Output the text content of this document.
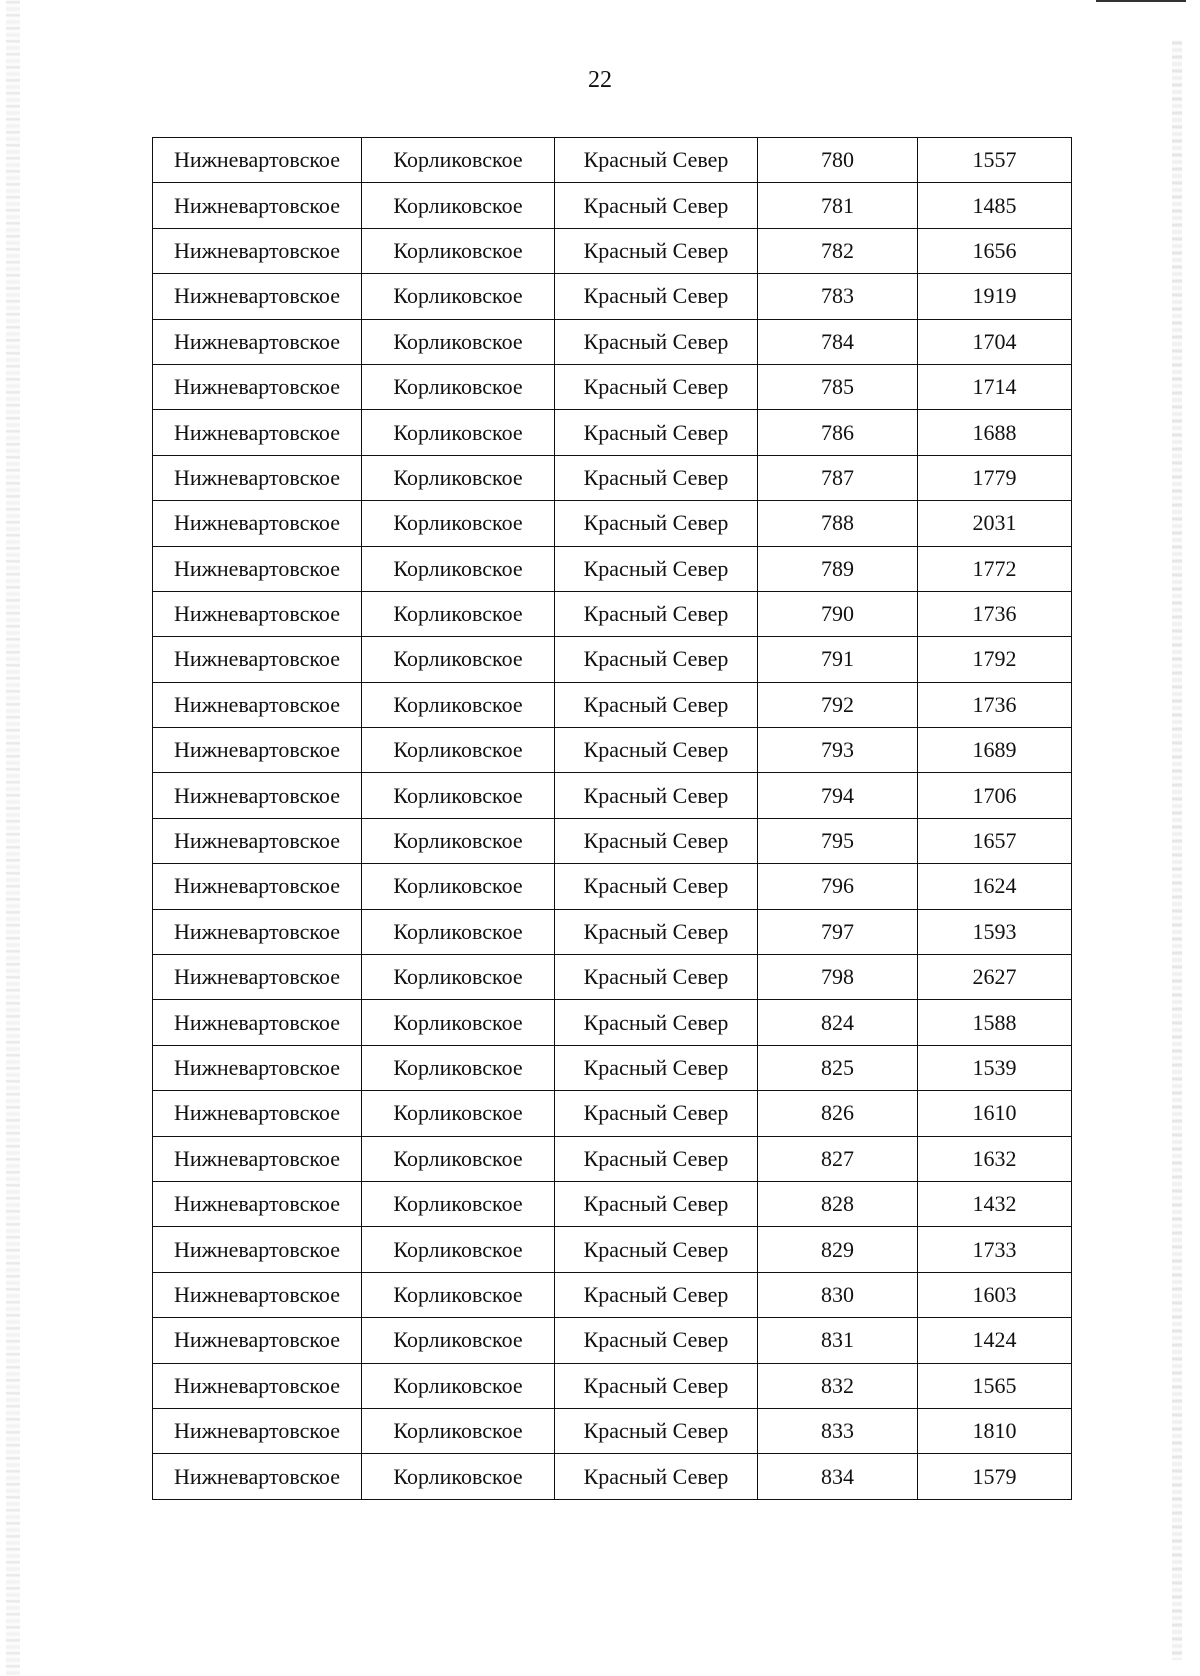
22
Нижневартовское	Корликовское	Красный Север	780	1557
Нижневартовское	Корликовское	Красный Север	781	1485
Нижневартовское	Корликовское	Красный Север	782	1656
Нижневартовское	Корликовское	Красный Север	783	1919
Нижневартовское	Корликовское	Красный Север	784	1704
Нижневартовское	Корликовское	Красный Север	785	1714
Нижневартовское	Корликовское	Красный Север	786	1688
Нижневартовское	Корликовское	Красный Север	787	1779
Нижневартовское	Корликовское	Красный Север	788	2031
Нижневартовское	Корликовское	Красный Север	789	1772
Нижневартовское	Корликовское	Красный Север	790	1736
Нижневартовское	Корликовское	Красный Север	791	1792
Нижневартовское	Корликовское	Красный Север	792	1736
Нижневартовское	Корликовское	Красный Север	793	1689
Нижневартовское	Корликовское	Красный Север	794	1706
Нижневартовское	Корликовское	Красный Север	795	1657
Нижневартовское	Корликовское	Красный Север	796	1624
Нижневартовское	Корликовское	Красный Север	797	1593
Нижневартовское	Корликовское	Красный Север	798	2627
Нижневартовское	Корликовское	Красный Север	824	1588
Нижневартовское	Корликовское	Красный Север	825	1539
Нижневартовское	Корликовское	Красный Север	826	1610
Нижневартовское	Корликовское	Красный Север	827	1632
Нижневартовское	Корликовское	Красный Север	828	1432
Нижневартовское	Корликовское	Красный Север	829	1733
Нижневартовское	Корликовское	Красный Север	830	1603
Нижневартовское	Корликовское	Красный Север	831	1424
Нижневартовское	Корликовское	Красный Север	832	1565
Нижневартовское	Корликовское	Красный Север	833	1810
Нижневартовское	Корликовское	Красный Север	834	1579
